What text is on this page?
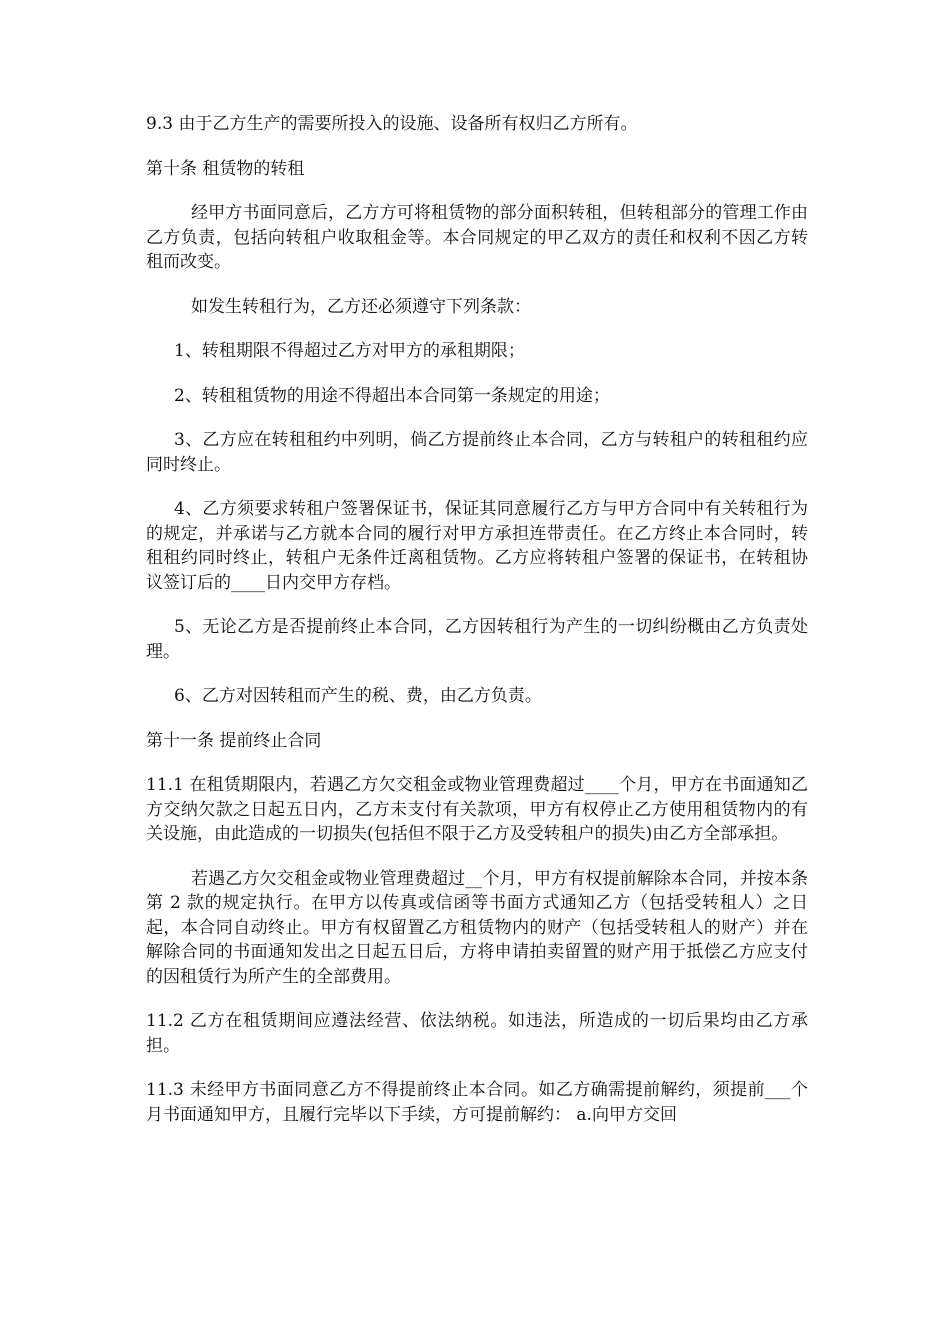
9.3 由于乙方生产的需要所投入的设施、设备所有权归乙方所有。

第十条 租赁物的转租

经甲方书面同意后，乙方方可将租赁物的部分面积转租，但转租部分的管理工作由乙方负责，包括向转租户收取租金等。本合同规定的甲乙双方的责任和权利不因乙方转租而改变。

如发生转租行为，乙方还必须遵守下列条款：

1、转租期限不得超过乙方对甲方的承租期限；

2、转租租赁物的用途不得超出本合同第一条规定的用途；

3、乙方应在转租租约中列明，倘乙方提前终止本合同，乙方与转租户的转租租约应同时终止。

4、乙方须要求转租户签署保证书，保证其同意履行乙方与甲方合同中有关转租行为的规定，并承诺与乙方就本合同的履行对甲方承担连带责任。在乙方终止本合同时，转租租约同时终止，转租户无条件迁离租赁物。乙方应将转租户签署的保证书，在转租协议签订后的____日内交甲方存档。

5、无论乙方是否提前终止本合同，乙方因转租行为产生的一切纠纷概由乙方负责处理。

6、乙方对因转租而产生的税、费，由乙方负责。

第十一条 提前终止合同

11.1 在租赁期限内，若遇乙方欠交租金或物业管理费超过____个月，甲方在书面通知乙方交纳欠款之日起五日内，乙方未支付有关款项，甲方有权停止乙方使用租赁物内的有关设施，由此造成的一切损失(包括但不限于乙方及受转租户的损失)由乙方全部承担。

若遇乙方欠交租金或物业管理费超过__个月，甲方有权提前解除本合同，并按本条第 2 款的规定执行。在甲方以传真或信函等书面方式通知乙方（包括受转租人）之日起，本合同自动终止。甲方有权留置乙方租赁物内的财产（包括受转租人的财产）并在解除合同的书面通知发出之日起五日后，方将申请拍卖留置的财产用于抵偿乙方应支付的因租赁行为所产生的全部费用。

11.2 乙方在租赁期间应遵法经营、依法纳税。如违法，所造成的一切后果均由乙方承担。

11.3 未经甲方书面同意乙方不得提前终止本合同。如乙方确需提前解约，须提前___个月书面通知甲方，且履行完毕以下手续，方可提前解约： a.向甲方交回
